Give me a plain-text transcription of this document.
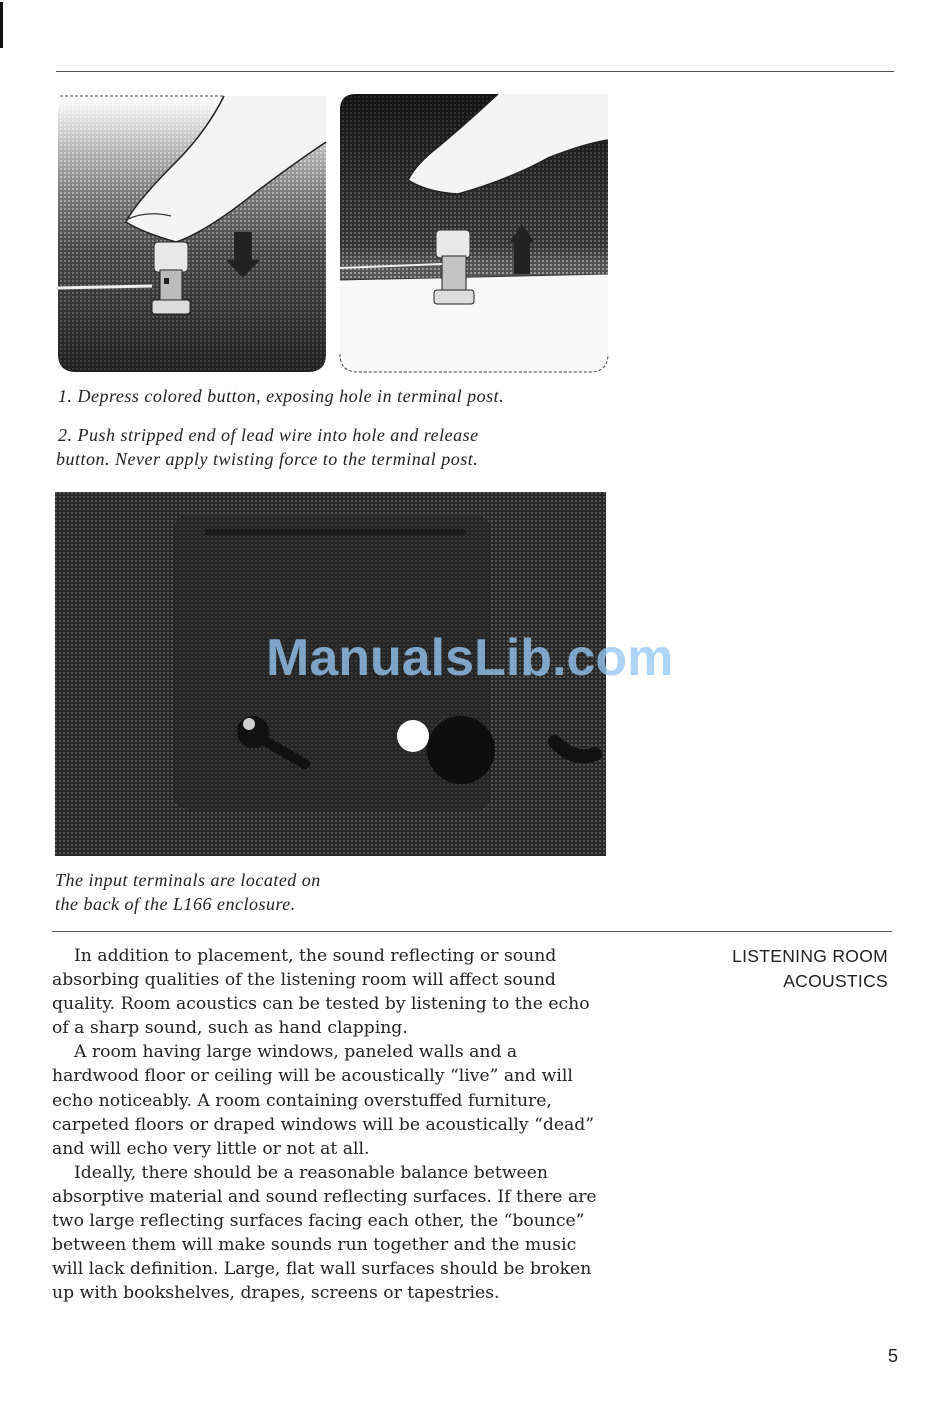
1. Depress colored button, exposing hole in terminal post.

2. Push stripped end of lead wire into hole and release

button. Never apply twisting force to the terminal post.

ManualsLib.com

The input terminals are located on

the back of the L166 enclosure.

In addition to placement, the sound reflecting or sound absorbing qualities of the listening room will affect sound quality. Room acoustics can be tested by listening to the echo of a sharp sound, such as hand clapping.

A room having large windows, paneled walls and a hardwood floor or ceiling will be acoustically “live” and will echo noticeably. A room containing overstuffed furniture, carpeted floors or draped windows will be acoustically “dead” and will echo very little or not at all.

Ideally, there should be a reasonable balance between absorptive material and sound reflecting surfaces. If there are two large reflecting surfaces facing each other, the “bounce” between them will make sounds run together and the music will lack definition. Large, flat wall surfaces should be broken up with bookshelves, drapes, screens or tapestries.

LISTENING ROOM
ACOUSTICS
5
